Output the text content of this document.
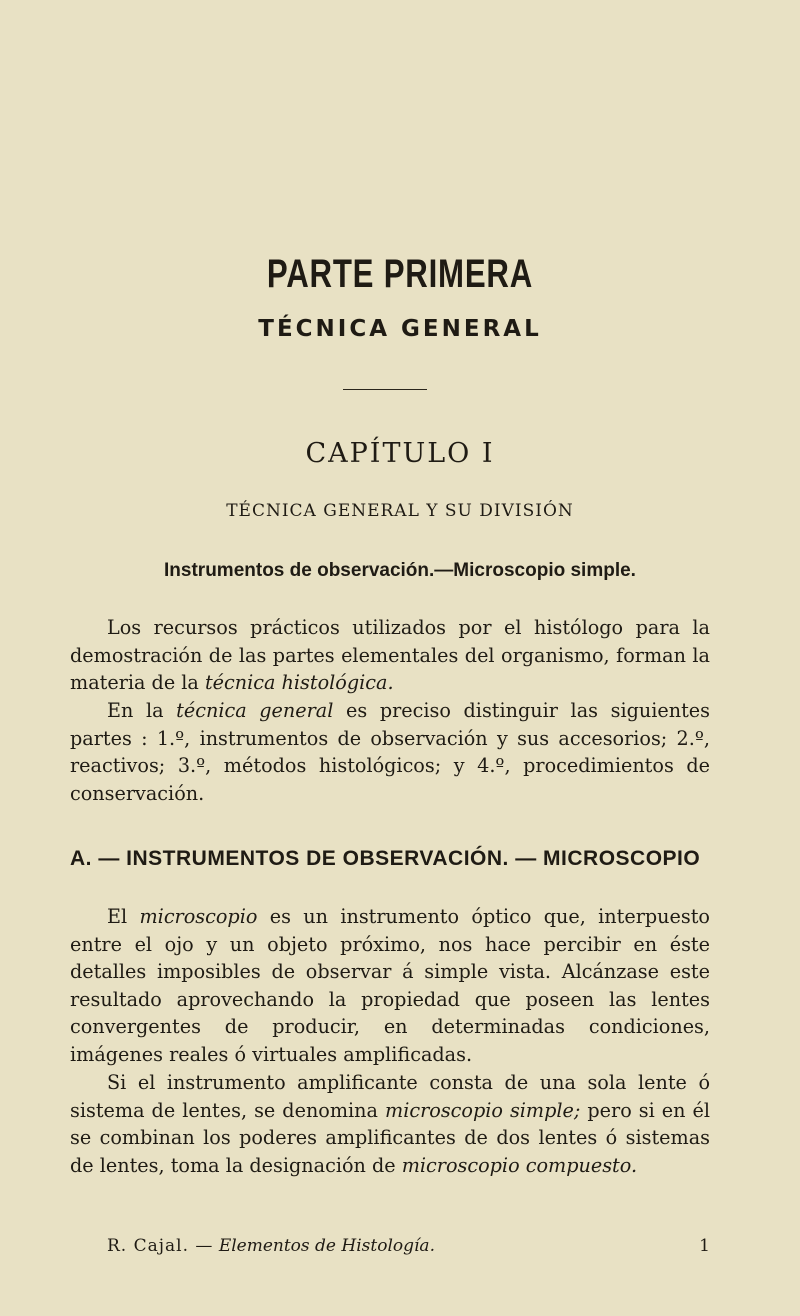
PARTE PRIMERA
TÉCNICA GENERAL
CAPÍTULO I
TÉCNICA GENERAL Y SU DIVISIÓN
Instrumentos de observación.—Microscopio simple.

Los recursos prácticos utilizados por el histólogo para la demostración de las partes elementales del organismo, forman la materia de la técnica histológica.

En la técnica general es preciso distinguir las siguientes partes : 1.º, instrumentos de observación y sus accesorios; 2.º, reactivos; 3.º, métodos histológicos; y 4.º, procedimientos de conservación.

A. — INSTRUMENTOS DE OBSERVACIÓN. — MICROSCOPIO

El microscopio es un instrumento óptico que, interpuesto entre el ojo y un objeto próximo, nos hace percibir en éste detalles imposibles de observar á simple vista. Alcánzase este resultado aprovechando la propiedad que poseen las lentes convergentes de producir, en determinadas condiciones, imágenes reales ó virtuales amplificadas.

Si el instrumento amplificante consta de una sola lente ó sistema de lentes, se denomina microscopio simple; pero si en él se combinan los poderes amplificantes de dos lentes ó sistemas de lentes, toma la designación de microscopio compuesto.

R. Cajal. — Elementos de Histología.	1
